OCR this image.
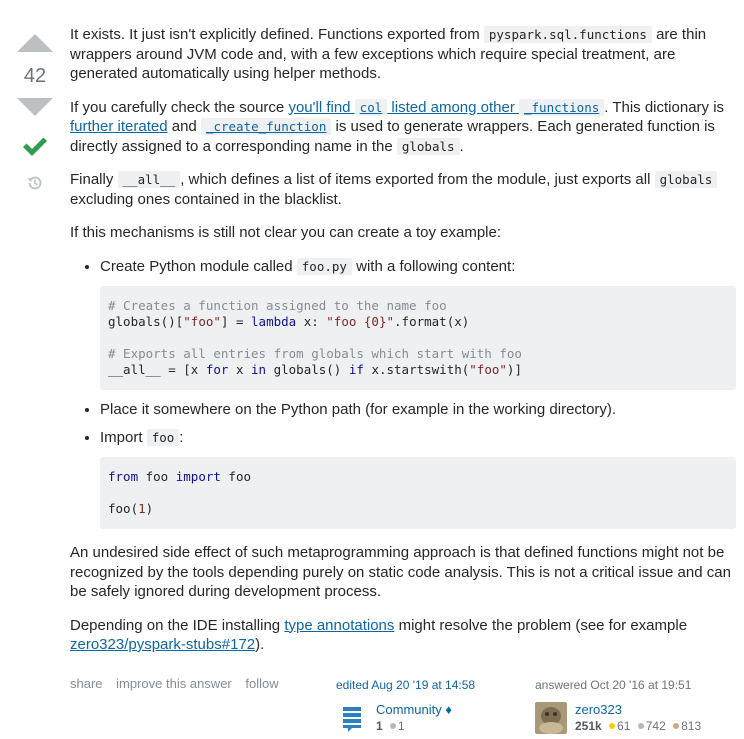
42

It exists. It just isn't explicitly defined. Functions exported from pyspark.sql.functions are thin wrappers around JVM code and, with a few exceptions which require special treatment, are generated automatically using helper methods.

If you carefully check the source you'll find col listed among other _functions . This dictionary is further iterated and _create_function is used to generate wrappers. Each generated function is directly assigned to a corresponding name in the globals .

Finally __all__ , which defines a list of items exported from the module, just exports all globals excluding ones contained in the blacklist.

If this mechanisms is still not clear you can create a toy example:

• Create Python module called foo.py with a following content:

# Creates a function assigned to the name foo
globals()["foo"] = lambda x: "foo {0}".format(x)

# Exports all entries from globals which start with foo
__all__ = [x for x in globals() if x.startswith("foo")]
• Place it somewhere on the Python path (for example in the working directory).

• Import foo :

from foo import foo

foo(1)

An undesired side effect of such metaprogramming approach is that defined functions might not be recognized by the tools depending purely on static code analysis. This is not a critical issue and can be safely ignored during development process.

Depending on the IDE installing type annotations might resolve the problem (see for example zero323/pyspark-stubs#172).

share improve this answer follow	edited Aug 20 '19 at 14:58
Community ♦
1 1
answered Oct 20 '16 at 19:51
zero323
251k 61 742 813
